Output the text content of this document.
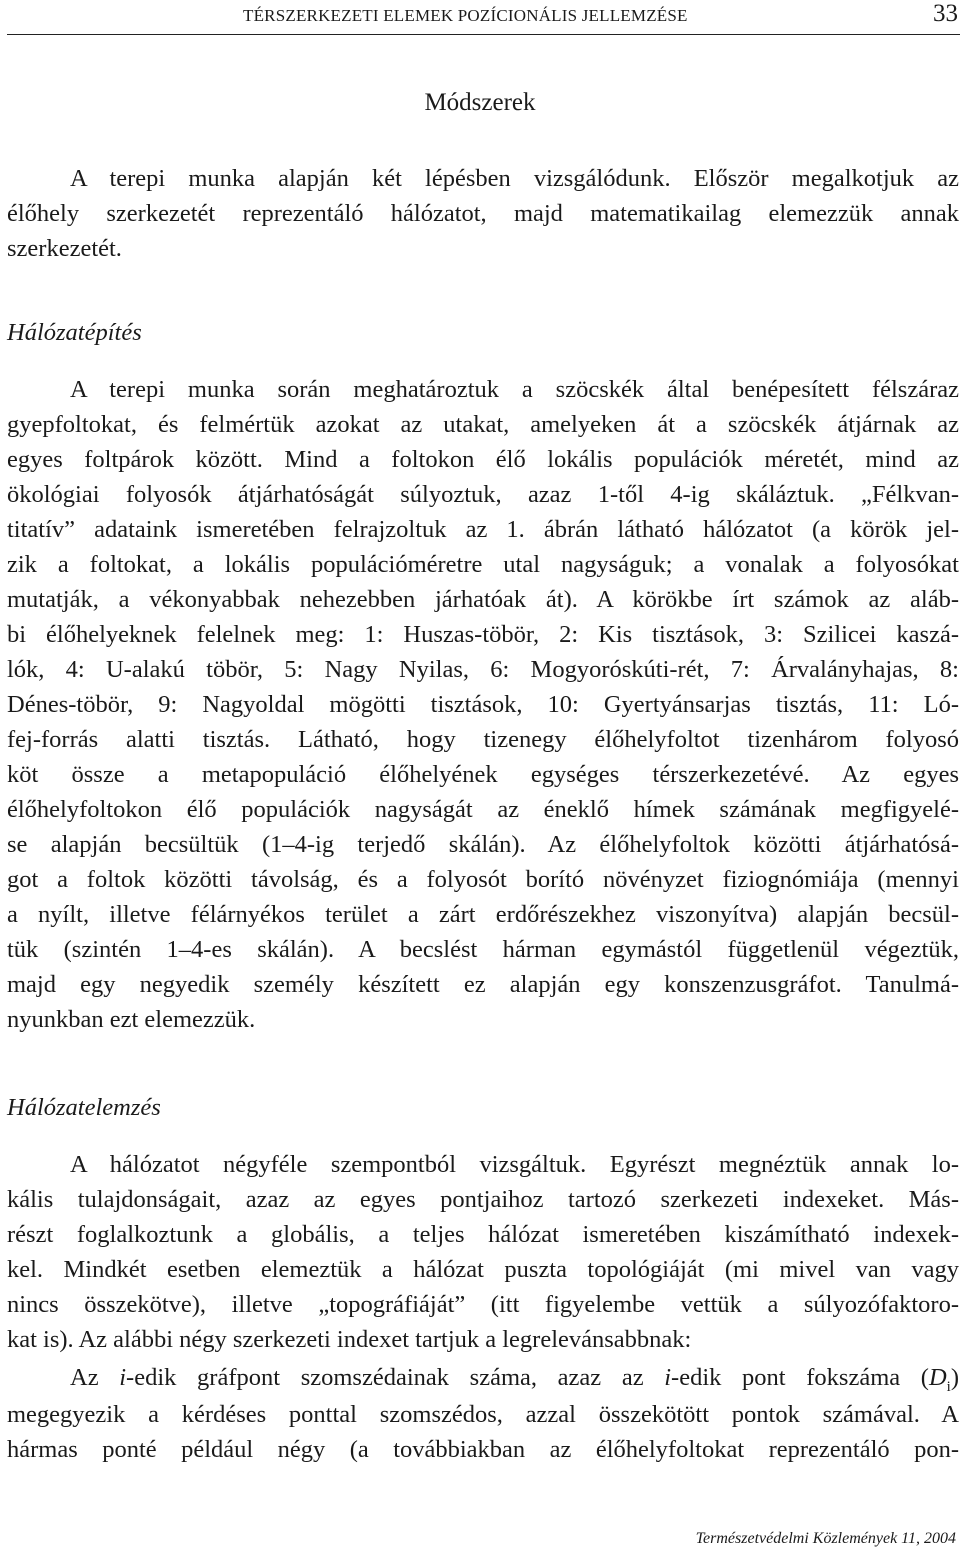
TÉRSZERKEZETI ELEMEK POZÍCIONÁLIS JELLEMZÉSE	33
Módszerek
A terepi munka alapján két lépésben vizsgálódunk. Először megalkotjuk az
élőhely szerkezetét reprezentáló hálózatot, majd matematikailag elemezzük annak
szerkezetét.
Hálózatépítés
A terepi munka során meghatároztuk a szöcskék által benépesített félszáraz
gyepfoltokat, és felmértük azokat az utakat, amelyeken át a szöcskék átjárnak az
egyes foltpárok között. Mind a foltokon élő lokális populációk méretét, mind az
ökológiai folyosók átjárhatóságát súlyoztuk, azaz 1-től 4-ig skáláztuk. „Félkvan-
titatív” adataink ismeretében felrajzoltuk az 1. ábrán látható hálózatot (a körök jel-
zik a foltokat, a lokális populációméretre utal nagyságuk; a vonalak a folyosókat
mutatják, a vékonyabbak nehezebben járhatóak át). A körökbe írt számok az aláb-
bi élőhelyeknek felelnek meg: 1: Huszas-töbör, 2: Kis tisztások, 3: Szilicei kaszá-
lók, 4: U-alakú töbör, 5: Nagy Nyilas, 6: Mogyoróskúti-rét, 7: Árvalányhajas, 8:
Dénes-töbör, 9: Nagyoldal mögötti tisztások, 10: Gyertyánsarjas tisztás, 11: Ló-
fej-forrás alatti tisztás. Látható, hogy tizenegy élőhelyfoltot tizenhárom folyosó
köt össze a metapopuláció élőhelyének egységes térszerkezetévé. Az egyes
élőhelyfoltokon élő populációk nagyságát az éneklő hímek számának megfigyelé-
se alapján becsültük (1–4-ig terjedő skálán). Az élőhelyfoltok közötti átjárhatósá-
got a foltok közötti távolság, és a folyosót borító növényzet fiziognómiája (mennyi
a nyílt, illetve félárnyékos terület a zárt erdőrészekhez viszonyítva) alapján becsül-
tük (szintén 1–4-es skálán). A becslést hárman egymástól függetlenül végeztük,
majd egy negyedik személy készített ez alapján egy konszenzusgráfot. Tanulmá-
nyunkban ezt elemezzük.
Hálózatelemzés
A hálózatot négyféle szempontból vizsgáltuk. Egyrészt megnéztük annak lo-
kális tulajdonságait, azaz az egyes pontjaihoz tartozó szerkezeti indexeket. Más-
részt foglalkoztunk a globális, a teljes hálózat ismeretében kiszámítható indexek-
kel. Mindkét esetben elemeztük a hálózat puszta topológiáját (mi mivel van vagy
nincs összekötve), illetve „topográfiáját” (itt figyelembe vettük a súlyozófaktoro-
kat is). Az alábbi négy szerkezeti indexet tartjuk a legrelevánsabbnak:
Az i-edik gráfpont szomszédainak száma, azaz az i-edik pont fokszáma $(D_i)$
megegyezik a kérdéses ponttal szomszédos, azzal összekötött pontok számával. A
hármas ponté például négy (a továbbiakban az élőhelyfoltokat reprezentáló pon-
Természetvédelmi Közlemények 11, 2004
